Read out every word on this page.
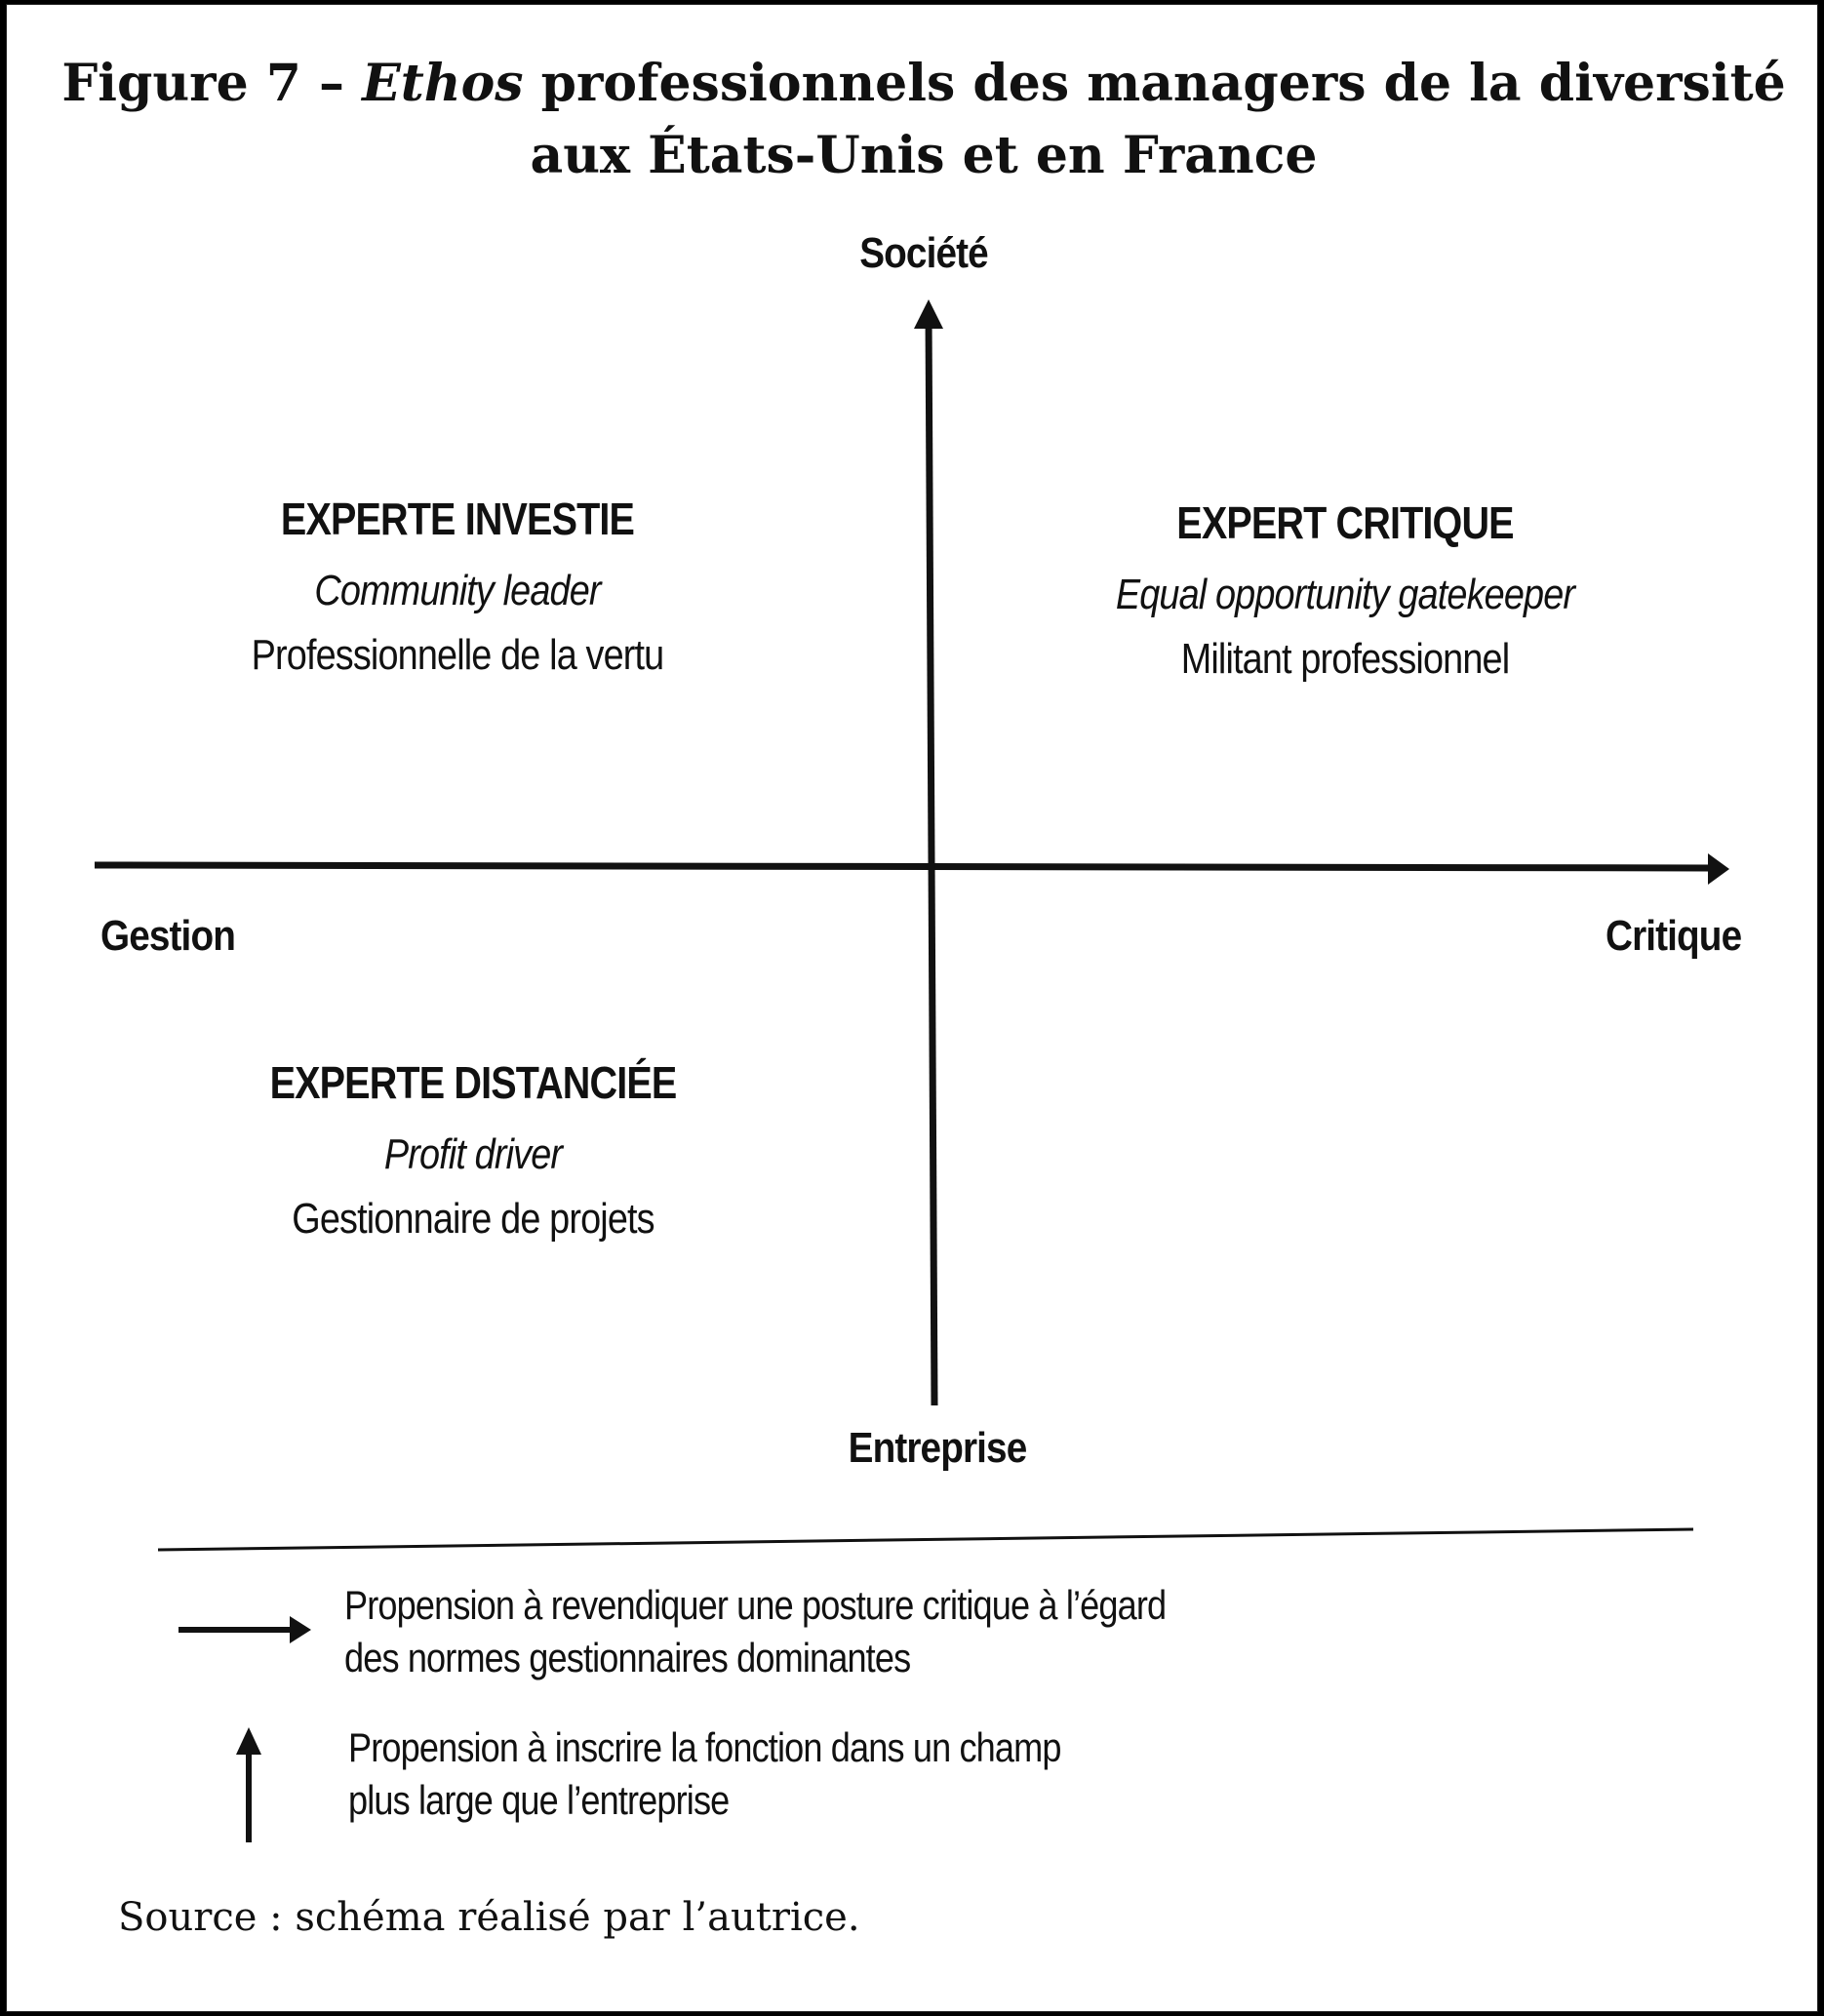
Figure 7 – Ethos professionnels des managers de la diversité
aux États-Unis et en France
Société
Entreprise
Gestion	Critique
EXPERTE INVESTIE
Community leader
Professionnelle de la vertu
EXPERT CRITIQUE
Equal opportunity gatekeeper
Militant professionnel
EXPERTE DISTANCIÉE
Profit driver
Gestionnaire de projets
Propension à revendiquer une posture critique à l’égard
des normes gestionnaires dominantes
Propension à inscrire la fonction dans un champ
plus large que l’entreprise
Source : schéma réalisé par l’autrice.
